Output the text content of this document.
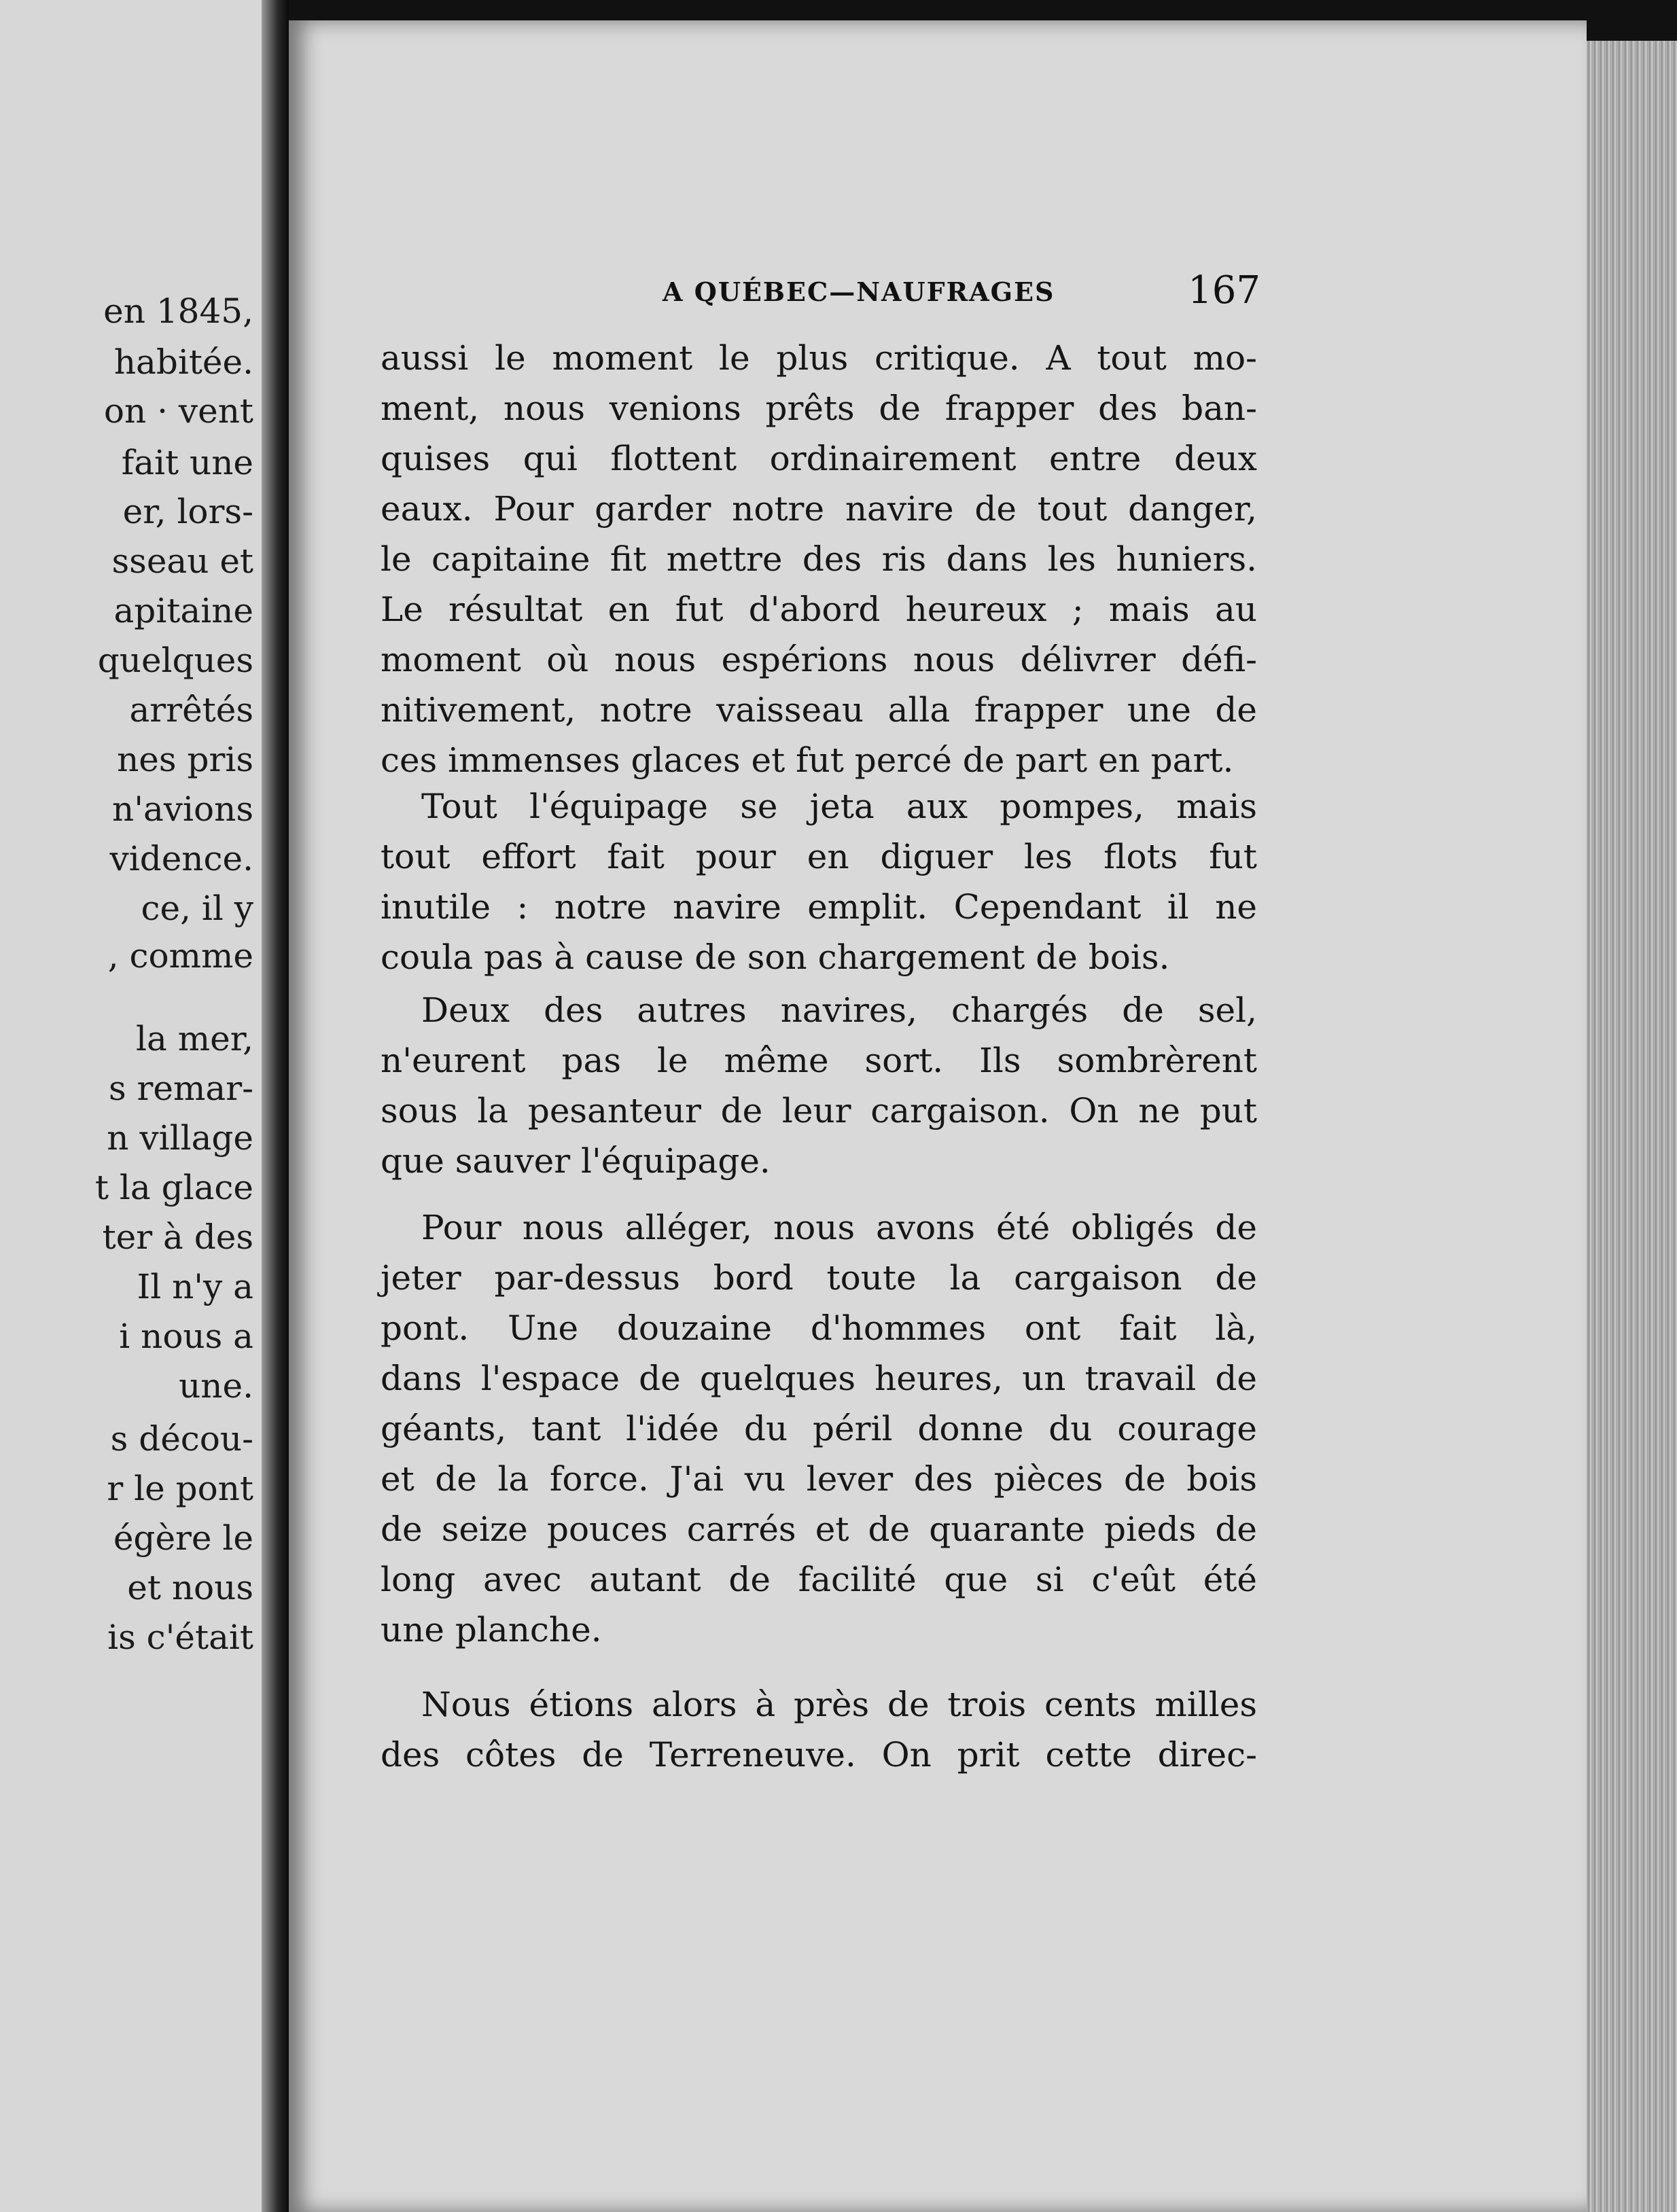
en 1845,
habitée.
on · vent
fait une
er, lors-
sseau et
apitaine
quelques
arrêtés
nes pris
n'avions
vidence.
ce, il y
, comme
la mer,
s remar-
n village
t la glace
ter à des
Il n'y a
i nous a
une.
s décou-
r le pont
égère le
et nous
is c'était
A QUÉBEC—NAUFRAGES	167
aussi le moment le plus critique. A tout mo-
ment, nous venions prêts de frapper des ban-
quises qui flottent ordinairement entre deux
eaux. Pour garder notre navire de tout danger,
le capitaine fit mettre des ris dans les huniers.
Le résultat en fut d'abord heureux ; mais au
moment où nous espérions nous délivrer défi-
nitivement, notre vaisseau alla frapper une de
ces immenses glaces et fut percé de part en part.
Tout l'équipage se jeta aux pompes, mais
tout effort fait pour en diguer les flots fut
inutile : notre navire emplit. Cependant il ne
coula pas à cause de son chargement de bois.
Deux des autres navires, chargés de sel,
n'eurent pas le même sort. Ils sombrèrent
sous la pesanteur de leur cargaison. On ne put
que sauver l'équipage.
Pour nous alléger, nous avons été obligés de
jeter par-dessus bord toute la cargaison de
pont. Une douzaine d'hommes ont fait là,
dans l'espace de quelques heures, un travail de
géants, tant l'idée du péril donne du courage
et de la force. J'ai vu lever des pièces de bois
de seize pouces carrés et de quarante pieds de
long avec autant de facilité que si c'eût été
une planche.
Nous étions alors à près de trois cents milles
des côtes de Terreneuve. On prit cette direc-
